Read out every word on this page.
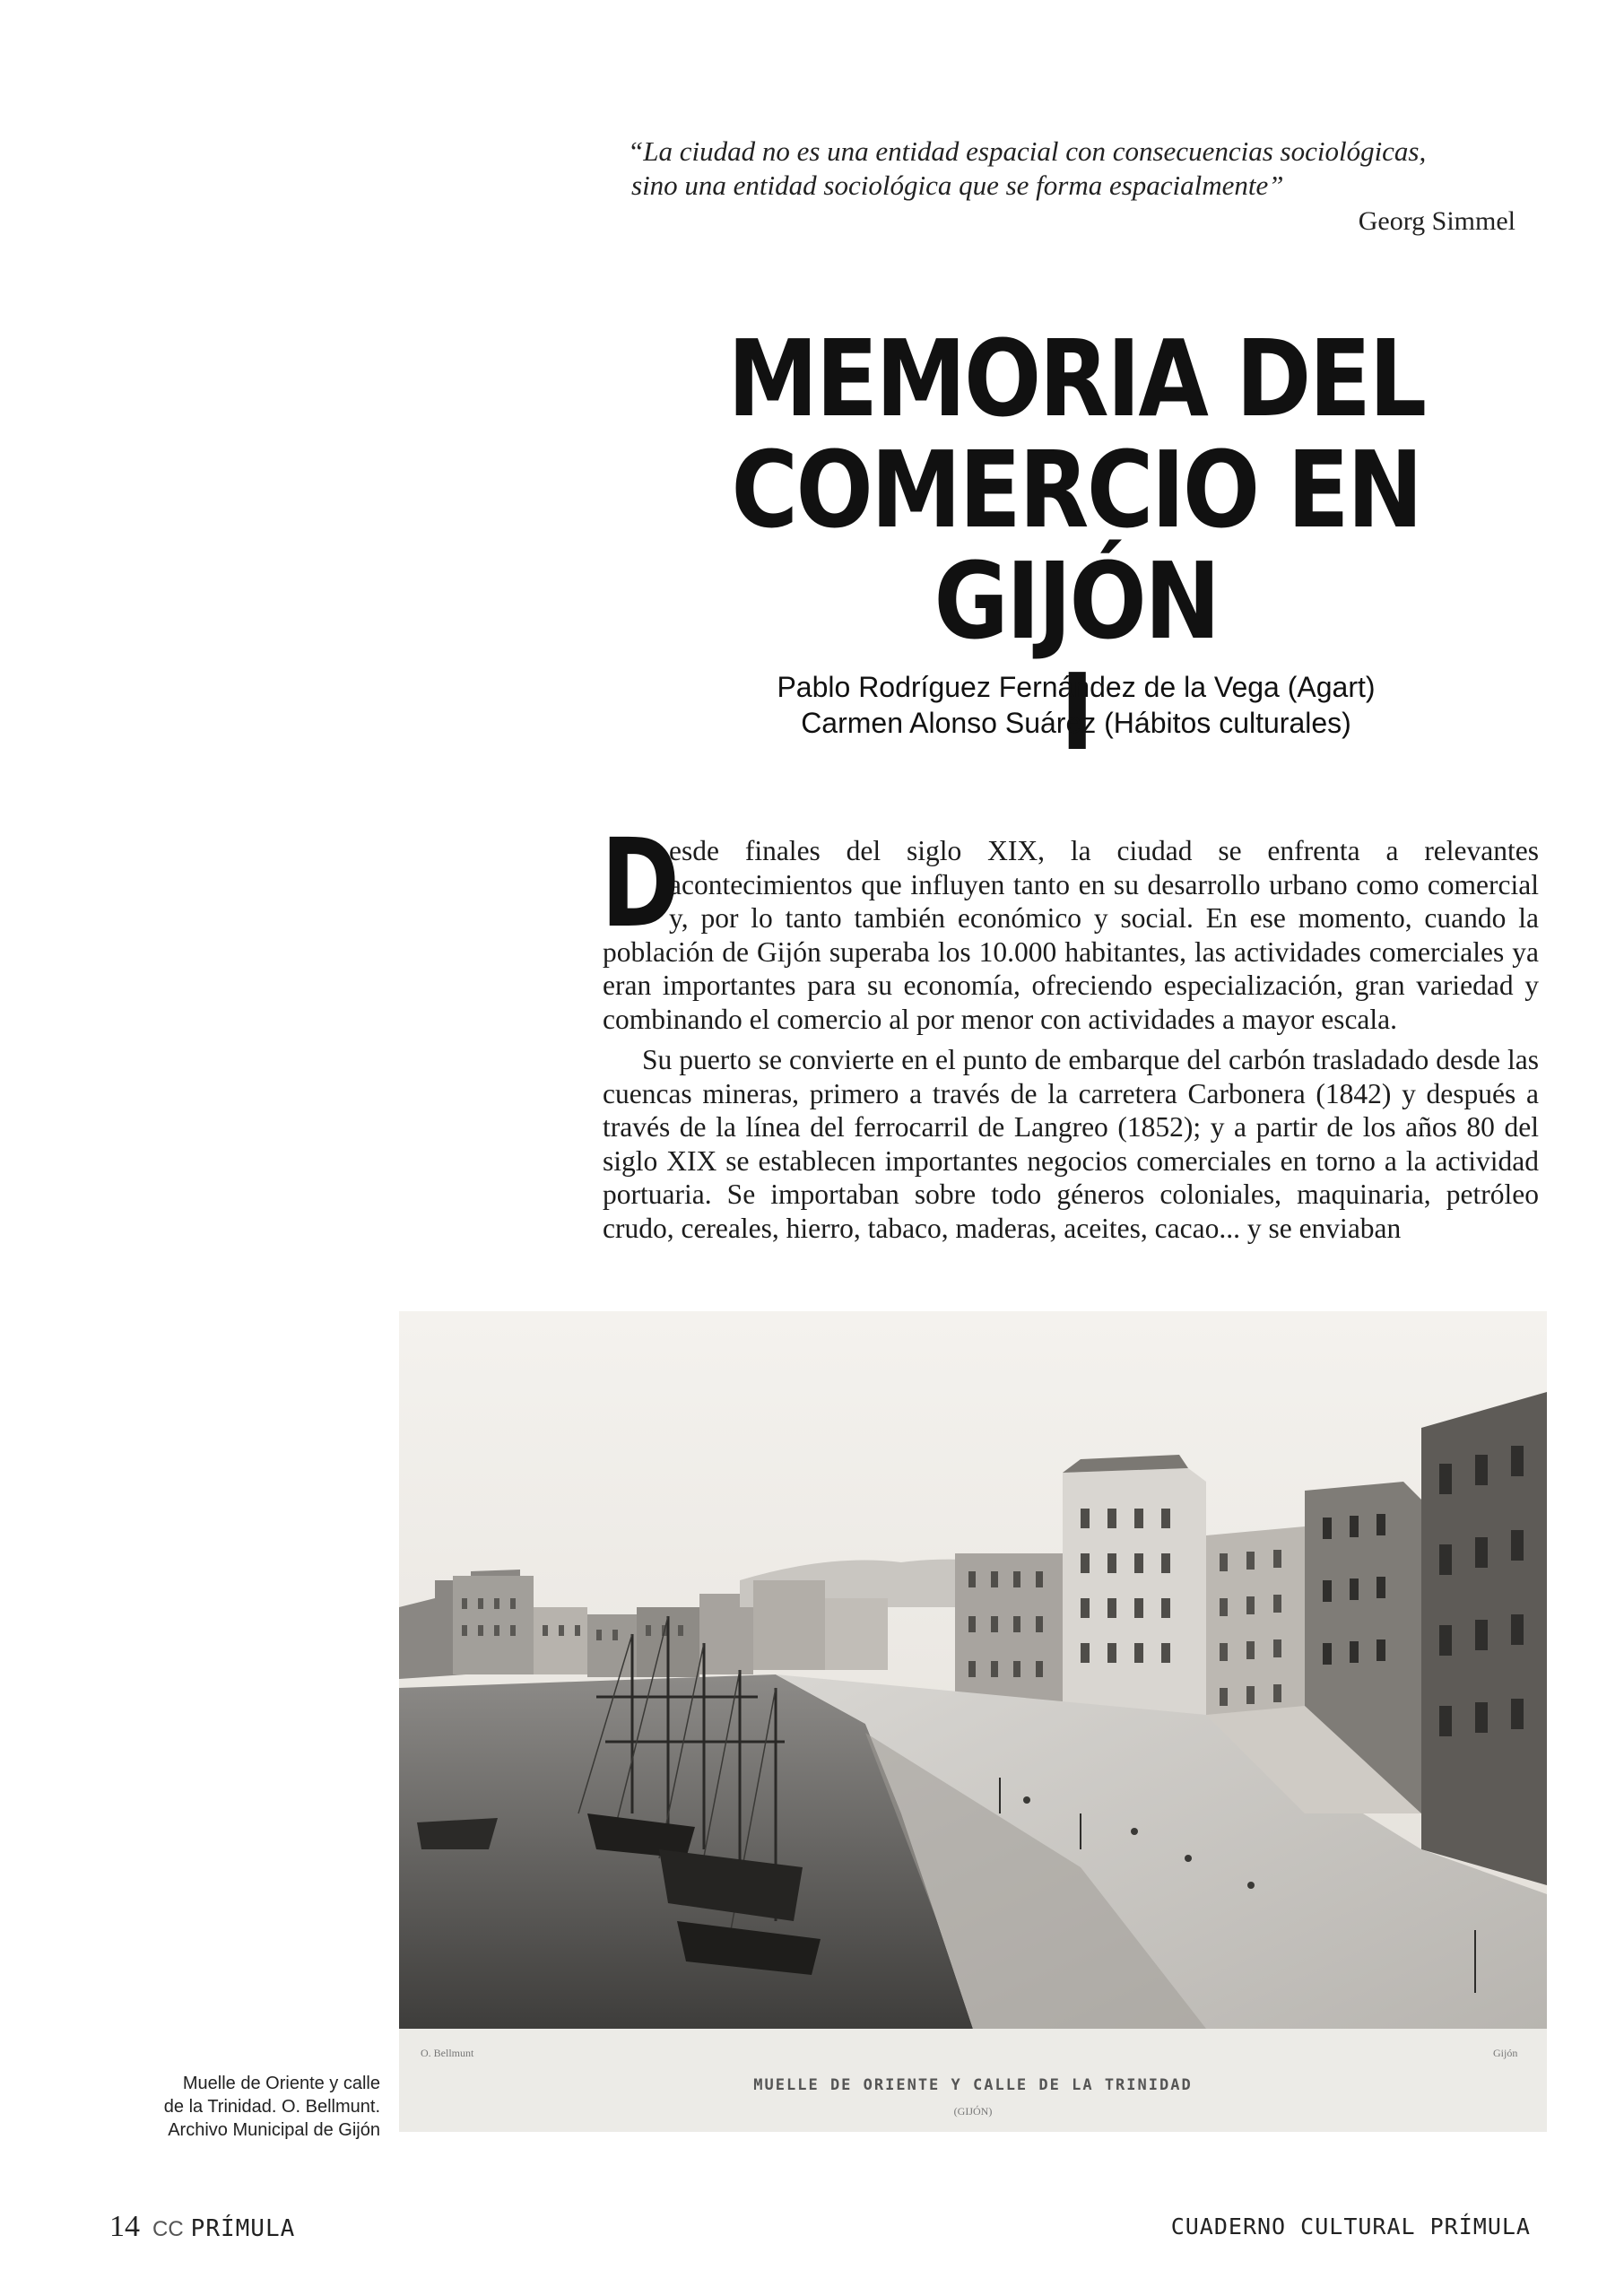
“La ciudad no es una entidad espacial con consecuencias sociológicas,
sino una entidad sociológica que se forma espacialmente”
Georg Simmel
MEMORIA DEL
COMERCIO EN GIJÓN
I
Pablo Rodríguez Fernández de la Vega (Agart)
Carmen Alonso Suárez (Hábitos culturales)

D
esde finales del siglo XIX, la ciudad se enfrenta a relevantes acontecimientos que influyen tanto en su desarrollo urbano como comercial y, por lo tanto también económico y social. En ese momento, cuando la población de Gijón superaba los 10.000 habitantes, las actividades comerciales ya eran importantes para su economía, ofreciendo especialización, gran variedad y combinando el comercio al por menor con actividades a mayor escala.

Su puerto se convierte en el punto de embarque del carbón trasladado desde las cuencas mineras, primero a través de la carretera Carbonera (1842) y después a través de la línea del ferrocarril de Langreo (1852); y a partir de los años 80 del siglo XIX se establecen importantes negocios comerciales en torno a la actividad portuaria. Se importaban sobre todo géneros coloniales, maquinaria, petróleo crudo, cereales, hierro, tabaco, maderas, aceites, cacao... y se enviaban

O. Bellmunt	Gijón
MUELLE DE ORIENTE Y CALLE DE LA TRINIDAD
(GIJÓN)
Muelle de Oriente y calle
de la Trinidad. O. Bellmunt.
Archivo Municipal de Gijón
14 CC PRÍMULA	CUADERNO CULTURAL PRÍMULA
